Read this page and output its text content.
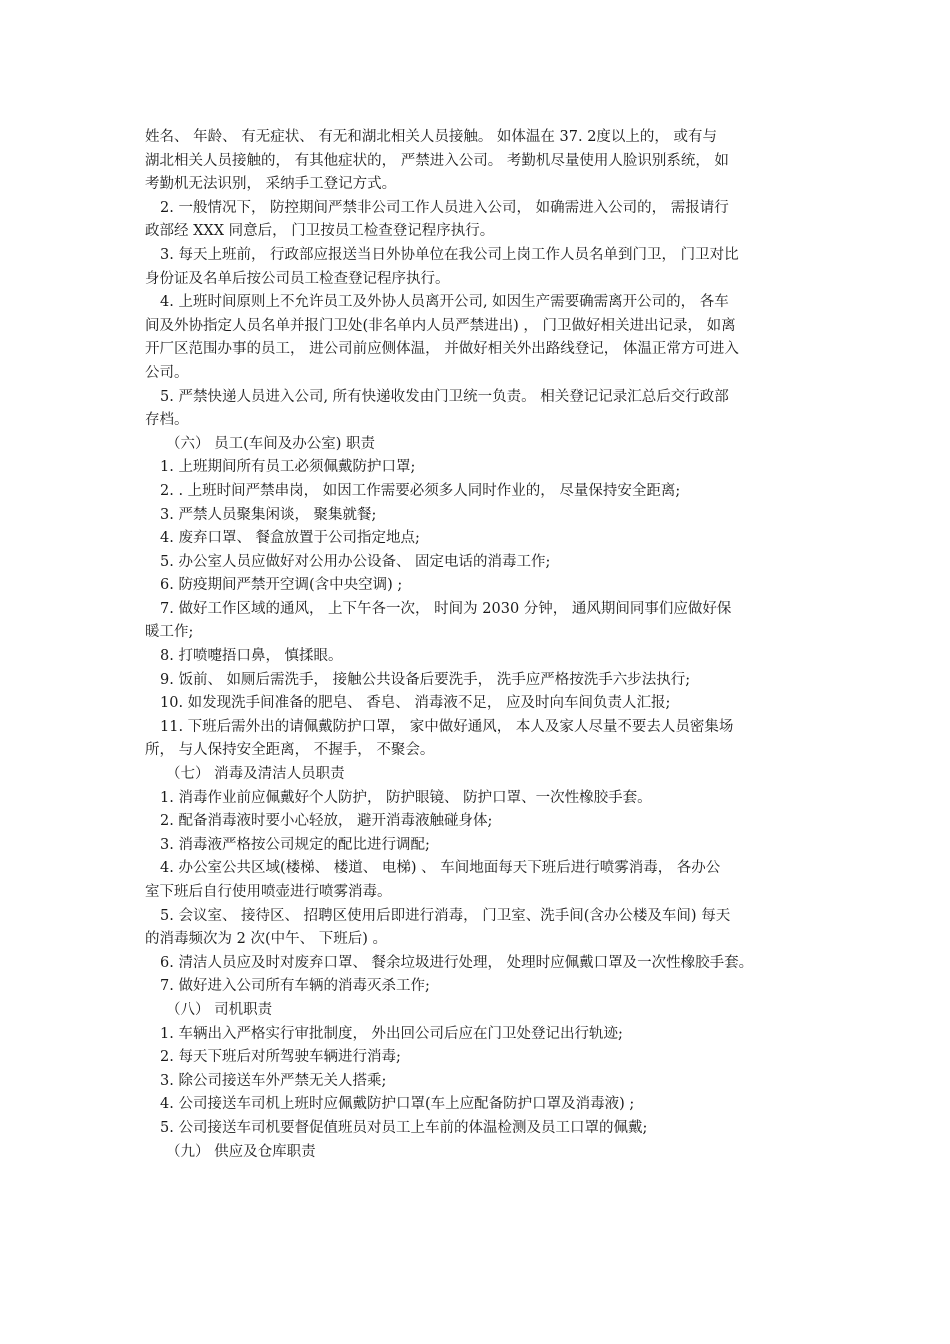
姓名、 年龄、 有无症状、 有无和湖北相关人员接触。 如体温在 37. 2度以上的， 或有与
湖北相关人员接触的， 有其他症状的， 严禁进入公司。 考勤机尽量使用人脸识别系统， 如
考勤机无法识别， 采纳手工登记方式。
2. 一般情况下， 防控期间严禁非公司工作人员进入公司， 如确需进入公司的， 需报请行
政部经 XXX 同意后， 门卫按员工检查登记程序执行。
3. 每天上班前， 行政部应报送当日外协单位在我公司上岗工作人员名单到门卫， 门卫对比
身份证及名单后按公司员工检查登记程序执行。
4. 上班时间原则上不允许员工及外协人员离开公司, 如因生产需要确需离开公司的， 各车
间及外协指定人员名单并报门卫处(非名单内人员严禁进出) ， 门卫做好相关进出记录， 如离
开厂区范围办事的员工， 进公司前应侧体温， 并做好相关外出路线登记， 体温正常方可进入
公司。
5. 严禁快递人员进入公司, 所有快递收发由门卫统一负责。 相关登记记录汇总后交行政部
存档。
（六） 员工(车间及办公室) 职责
1. 上班期间所有员工必须佩戴防护口罩;
2. . 上班时间严禁串岗， 如因工作需要必须多人同时作业的， 尽量保持安全距离;
3. 严禁人员聚集闲谈， 聚集就餐;
4. 废弃口罩、 餐盒放置于公司指定地点;
5. 办公室人员应做好对公用办公设备、 固定电话的消毒工作;
6. 防疫期间严禁开空调(含中央空调) ;
7. 做好工作区域的通风， 上下午各一次， 时间为 2030 分钟， 通风期间同事们应做好保
暖工作;
8. 打喷嚏捂口鼻， 慎揉眼。
9. 饭前、 如厕后需洗手， 接触公共设备后要洗手， 洗手应严格按洗手六步法执行;
10. 如发现洗手间准备的肥皂、 香皂、 消毒液不足， 应及时向车间负责人汇报;
11. 下班后需外出的请佩戴防护口罩， 家中做好通风， 本人及家人尽量不要去人员密集场
所， 与人保持安全距离， 不握手， 不聚会。
（七） 消毒及清洁人员职责
1. 消毒作业前应佩戴好个人防护， 防护眼镜、 防护口罩、一次性橡胶手套。
2. 配备消毒液时要小心轻放， 避开消毒液触碰身体;
3. 消毒液严格按公司规定的配比进行调配;
4. 办公室公共区域(楼梯、 楼道、 电梯) 、 车间地面每天下班后进行喷雾消毒， 各办公
室下班后自行使用喷壶进行喷雾消毒。
5. 会议室、 接待区、 招聘区使用后即进行消毒， 门卫室、洗手间(含办公楼及车间) 每天
的消毒频次为 2 次(中午、 下班后) 。
6. 清洁人员应及时对废弃口罩、 餐余垃圾进行处理， 处理时应佩戴口罩及一次性橡胶手套。
7. 做好进入公司所有车辆的消毒灭杀工作;
（八） 司机职责
1. 车辆出入严格实行审批制度， 外出回公司后应在门卫处登记出行轨迹;
2. 每天下班后对所驾驶车辆进行消毒;
3. 除公司接送车外严禁无关人搭乘;
4. 公司接送车司机上班时应佩戴防护口罩(车上应配备防护口罩及消毒液) ;
5. 公司接送车司机要督促值班员对员工上车前的体温检测及员工口罩的佩戴;
（九） 供应及仓库职责
